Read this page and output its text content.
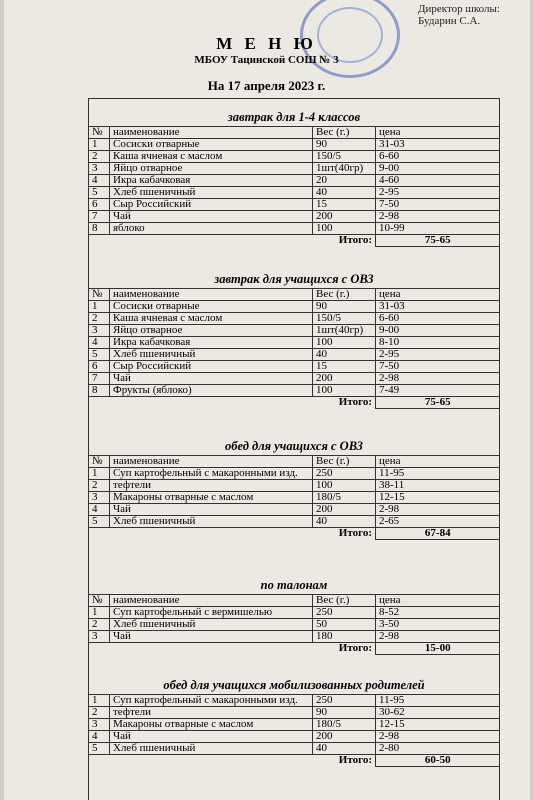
Директор школы:
Бударин С.А.
М Е Н Ю
МБОУ Тацинской СОШ № 3
На 17 апреля 2023 г.
завтрак для 1-4 классов
№	наименование	Вес (г.)	цена
1	Сосиски отварные	90	31-03
2	Каша ячневая с маслом	150/5	6-60
3	Яйцо отварное	1шт(40гр)	9-00
4	Икра кабачковая	20	4-60
5	Хлеб пшеничный	40	2-95
6	Сыр Российский	15	7-50
7	Чай	200	2-98
8	яблоко	100	10-99
Итого:			75-65
завтрак для учащихся с ОВЗ
№	наименование	Вес (г.)	цена
1	Сосиски отварные	90	31-03
2	Каша ячневая с маслом	150/5	6-60
3	Яйцо отварное	1шт(40гр)	9-00
4	Икра кабачковая	100	8-10
5	Хлеб пшеничный	40	2-95
6	Сыр Российский	15	7-50
7	Чай	200	2-98
8	Фрукты (яблоко)	100	7-49
Итого:			75-65
обед для учащихся с ОВЗ
№	наименование	Вес (г.)	цена
1	Суп картофельный с макаронными изд.	250	11-95
2	тефтели	100	38-11
3	Макароны отварные с маслом	180/5	12-15
4	Чай	200	2-98
5	Хлеб пшеничный	40	2-65
Итого:			67-84
по талонам
№	наименование	Вес (г.)	цена
1	Суп картофельный с вермишелью	250	8-52
2	Хлеб пшеничный	50	3-50
3	Чай	180	2-98
Итого:			15-00
обед для учащихся мобилизованных родителей
1	Суп картофельный с макаронными изд.	250	11-95
2	тефтели	90	30-62
3	Макароны отварные с маслом	180/5	12-15
4	Чай	200	2-98
5	Хлеб пшеничный	40	2-80
Итого:			60-50
